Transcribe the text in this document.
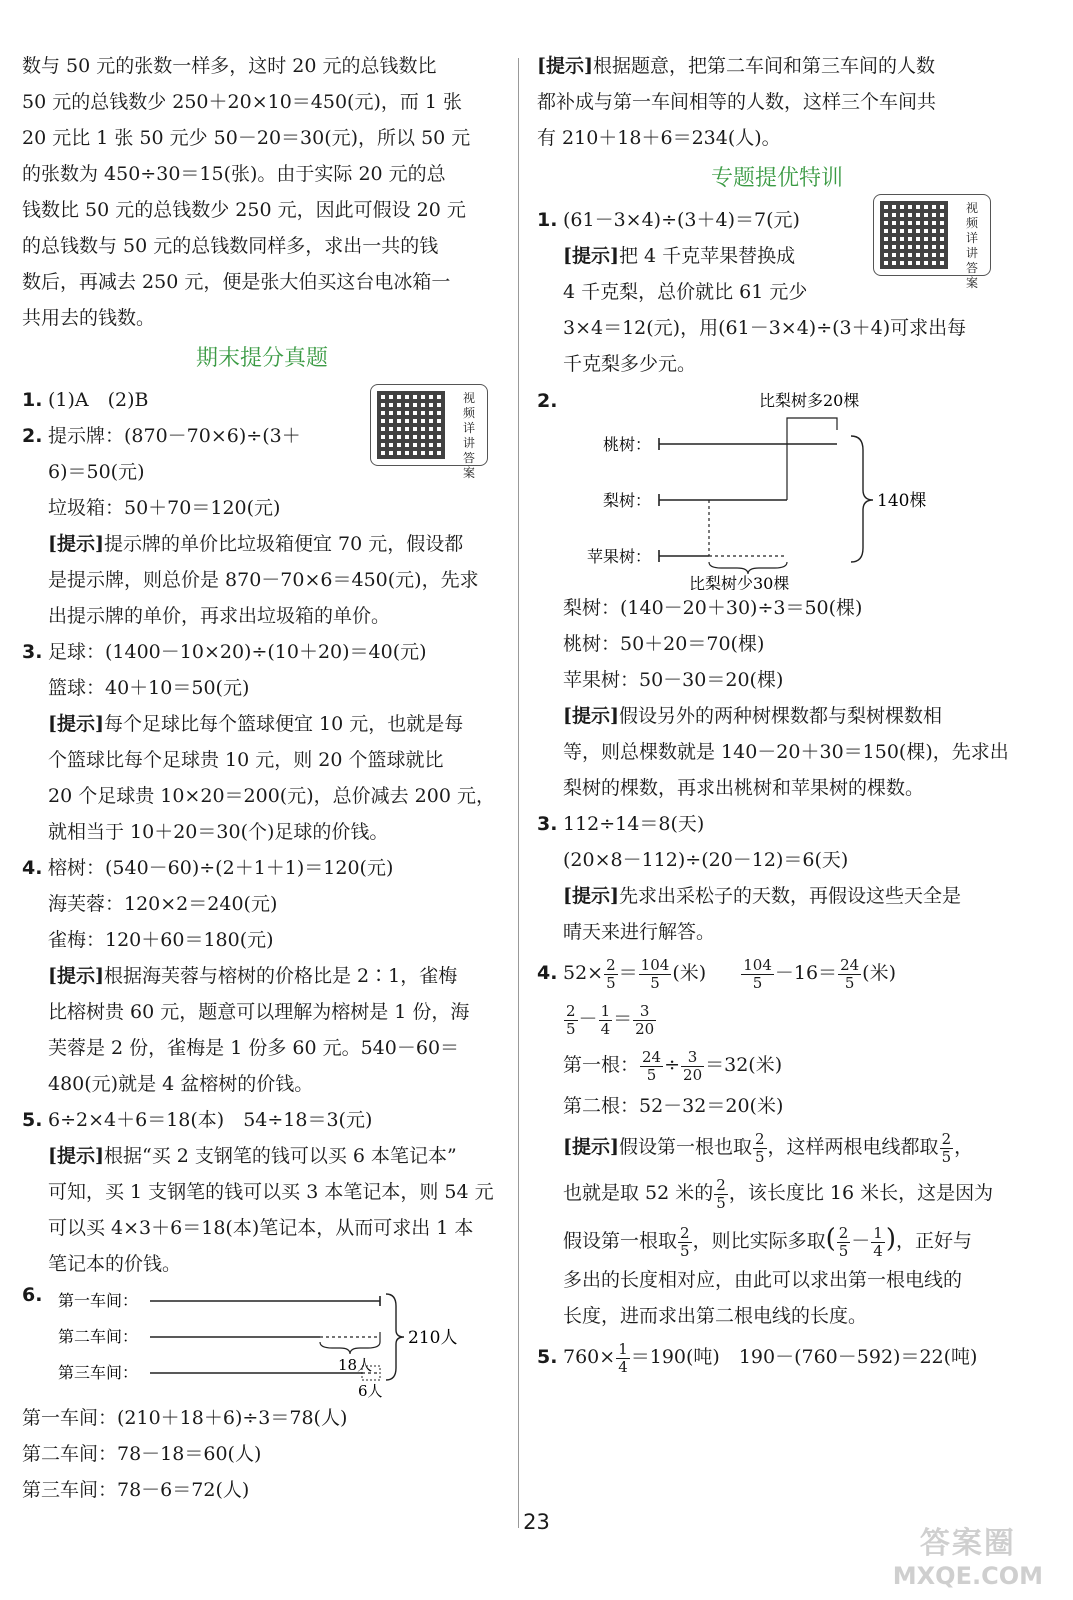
数与 50 元的张数一样多，这时 20 元的总钱数比
50 元的总钱数少 250＋20×10＝450(元)，而 1 张
20 元比 1 张 50 元少 50－20＝30(元)，所以 50 元
的张数为 450÷30＝15(张)。由于实际 20 元的总
钱数比 50 元的总钱数少 250 元，因此可假设 20 元
的总钱数与 50 元的总钱数同样多，求出一共的钱
数后，再减去 250 元，便是张大伯买这台电冰箱一
共用去的钱数。
期末提分真题
视频详讲答案
1. (1)A　(2)B
2. 提示牌：(870－70×6)÷(3＋
6)＝50(元)
垃圾箱：50＋70＝120(元)
[提示]提示牌的单价比垃圾箱便宜 70 元，假设都
是提示牌，则总价是 870－70×6＝450(元)，先求
出提示牌的单价，再求出垃圾箱的单价。
3. 足球：(1400－10×20)÷(10＋20)＝40(元)
篮球：40＋10＝50(元)
[提示]每个足球比每个篮球便宜 10 元，也就是每
个篮球比每个足球贵 10 元，则 20 个篮球就比
20 个足球贵 10×20＝200(元)，总价减去 200 元，
就相当于 10＋20＝30(个)足球的价钱。
4. 榕树：(540－60)÷(2＋1＋1)＝120(元)
海芙蓉：120×2＝240(元)
雀梅：120＋60＝180(元)
[提示]根据海芙蓉与榕树的价格比是 2∶1，雀梅
比榕树贵 60 元，题意可以理解为榕树是 1 份，海
芙蓉是 2 份，雀梅是 1 份多 60 元。540－60＝
480(元)就是 4 盆榕树的价钱。
5. 6÷2×4＋6＝18(本)　54÷18＝3(元)
[提示]根据“买 2 支钢笔的钱可以买 6 本笔记本”
可知，买 1 支钢笔的钱可以买 3 本笔记本，则 54 元
可以买 4×3＋6＝18(本)笔记本，从而可求出 1 本
笔记本的价钱。
6. 第一车间：
第二车间：
第三车间：	18人
6人
210人
第一车间：(210＋18＋6)÷3＝78(人)
第二车间：78－18＝60(人)
第三车间：78－6＝72(人)
[提示]根据题意，把第二车间和第三车间的人数
都补成与第一车间相等的人数，这样三个车间共
有 210＋18＋6＝234(人)。
专题提优特训
视频详讲答案
1. (61－3×4)÷(3＋4)＝7(元)
[提示]把 4 千克苹果替换成
4 千克梨，总价就比 61 元少
3×4＝12(元)，用(61－3×4)÷(3＋4)可求出每
千克梨多少元。
2.	比梨树多20棵
桃树：
梨树：
苹果树：
比梨树少30棵
140棵
梨树：(140－20＋30)÷3＝50(棵)
桃树：50＋20＝70(棵)
苹果树：50－30＝20(棵)
[提示]假设另外的两种树棵数都与梨树棵数相
等，则总棵数就是 140－20＋30＝150(棵)，先求出
梨树的棵数，再求出桃树和苹果树的棵数。
3. 112÷14＝8(天)
(20×8－112)÷(20－12)＝6(天)
[提示]先求出采松子的天数，再假设这些天全是
晴天来进行解答。
4. $52\times \frac{2}{5} = \frac{104}{5}$ (米) $\frac{104}{5} -16= \frac{24}{5}$ (米)
$\frac{2}{5} - \frac{1}{4} = \frac{3}{20}$
第一根： $\frac{24}{5} \div \frac{3}{20} =32$(米)
第二根：52－32＝20(米)
[提示]假设第一根也取 $\frac{2}{5}$ ，这样两根电线都取 $\frac{2}{5}$ ，
也就是取 52 米的 $\frac{2}{5}$ ，该长度比 16 米长，这是因为
假设第一根取 $\frac{2}{5}$ ，则比实际多取( $\frac{2}{5} - \frac{1}{4}$ )，正好与
多出的长度相对应，由此可以求出第一根电线的
长度，进而求出第二根电线的长度。
5. $760\times \frac{1}{4} =190$(吨)　190－(760－592)＝22(吨)
23
答案圈
MXQE.COM
